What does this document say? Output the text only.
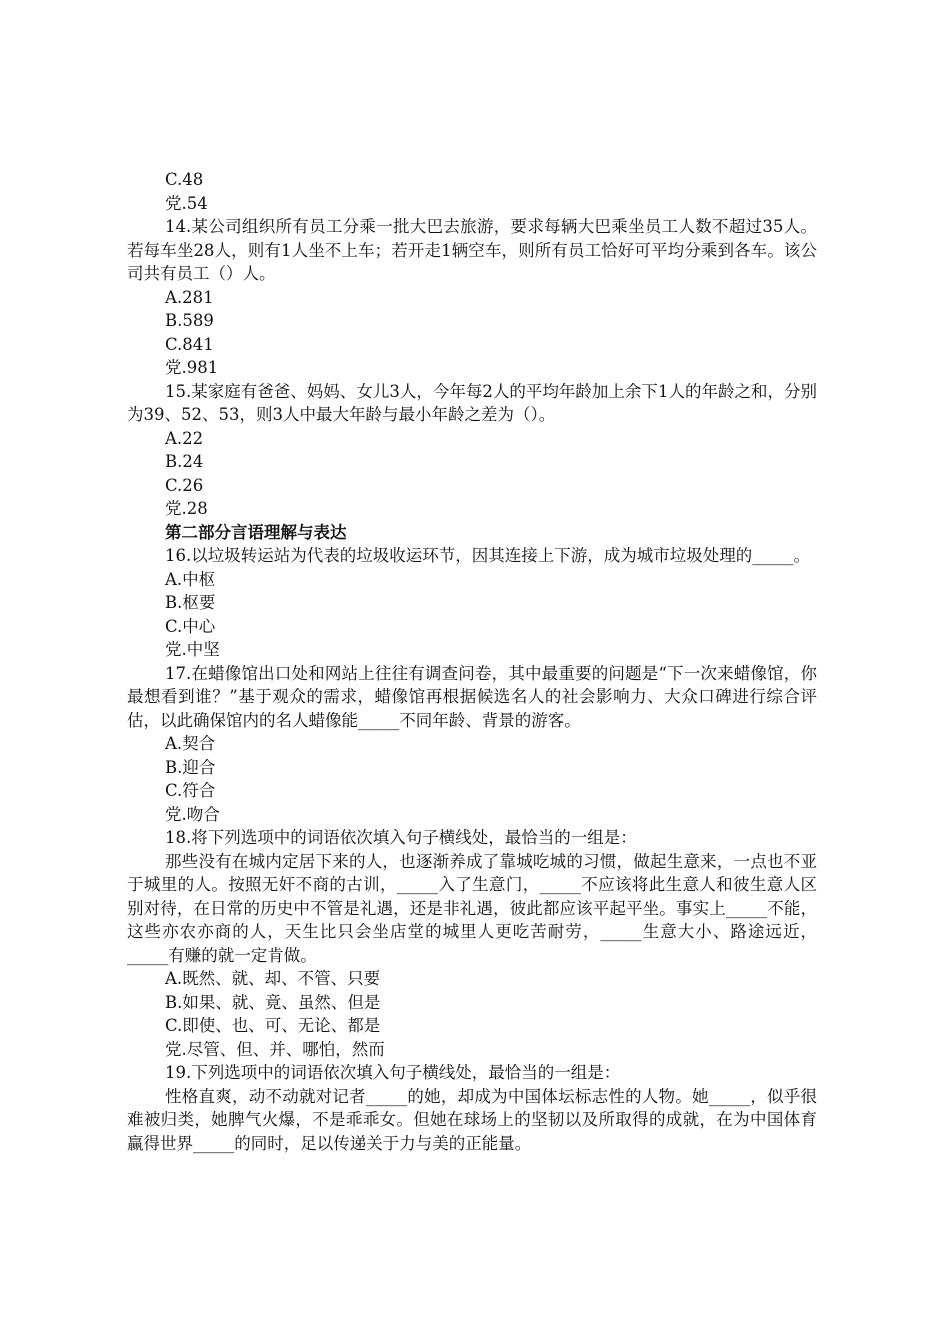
C.48
党.54
14.某公司组织所有员工分乘一批大巴去旅游，要求每辆大巴乘坐员工人数不超过35人。若每车坐28人，则有1人坐不上车；若开走1辆空车，则所有员工恰好可平均分乘到各车。该公司共有员工（）人。
A.281
B.589
C.841
党.981
15.某家庭有爸爸、妈妈、女儿3人，今年每2人的平均年龄加上余下1人的年龄之和，分别为39、52、53，则3人中最大年龄与最小年龄之差为（）。
A.22
B.24
C.26
党.28
第二部分言语理解与表达
16.以垃圾转运站为代表的垃圾收运环节，因其连接上下游，成为城市垃圾处理的_____。
A.中枢
B.枢要
C.中心
党.中坚
17.在蜡像馆出口处和网站上往往有调查问卷，其中最重要的问题是“下一次来蜡像馆，你最想看到谁？”基于观众的需求，蜡像馆再根据候选名人的社会影响力、大众口碑进行综合评估，以此确保馆内的名人蜡像能_____不同年龄、背景的游客。
A.契合
B.迎合
C.符合
党.吻合
18.将下列选项中的词语依次填入句子横线处，最恰当的一组是：
那些没有在城内定居下来的人，也逐渐养成了靠城吃城的习惯，做起生意来，一点也不亚于城里的人。按照无奸不商的古训，_____入了生意门，_____不应该将此生意人和彼生意人区别对待，在日常的历史中不管是礼遇，还是非礼遇，彼此都应该平起平坐。事实上_____不能，这些亦农亦商的人，天生比只会坐店堂的城里人更吃苦耐劳，_____生意大小、路途远近，_____有赚的就一定肯做。
A.既然、就、却、不管、只要
B.如果、就、竟、虽然、但是
C.即使、也、可、无论、都是
党.尽管、但、并、哪怕，然而
19.下列选项中的词语依次填入句子横线处，最恰当的一组是：
性格直爽，动不动就对记者_____的她，却成为中国体坛标志性的人物。她_____，似乎很难被归类，她脾气火爆，不是乖乖女。但她在球场上的坚韧以及所取得的成就，在为中国体育赢得世界_____的同时，足以传递关于力与美的正能量。
